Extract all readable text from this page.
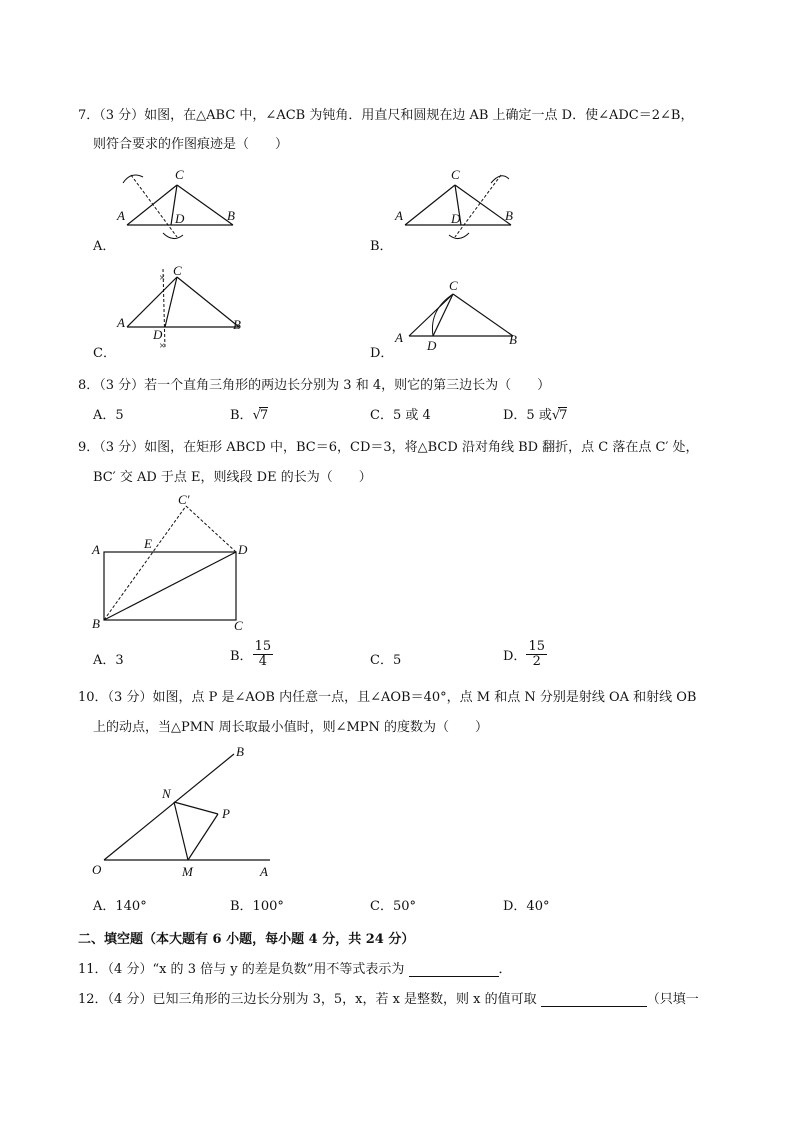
7．（3 分）如图，在△ABC 中，∠ACB 为钝角．用直尺和圆规在边 AB 上确定一点 D．使∠ADC＝2∠B，
则符合要求的作图痕迹是（　　）
A
C
B
D
A．
A
C
B
D
B．
×
×
A
C
B
D
C．
A
C
B
D
D．
8．（3 分）若一个直角三角形的两边长分别为 3 和 4，则它的第三边长为（　　）
A．5	B．√7	C．5 或 4	D．5 或√7
9．（3 分）如图，在矩形 ABCD 中，BC＝6，CD＝3，将△BCD 沿对角线 BD 翻折，点 C 落在点 C′ 处，
BC′ 交 AD 于点 E，则线段 DE 的长为（　　）
A	E	D
B	C
C′
A．3	B． $\frac{15}{4}$	C．5	D． $\frac{15}{2}$
10．（3 分）如图，点 P 是∠AOB 内任意一点，且∠AOB＝40°，点 M 和点 N 分别是射线 OA 和射线 OB
上的动点，当△PMN 周长取最小值时，则∠MPN 的度数为（　　）
O	A
B
N
P
M
A．140°	B．100°	C．50°	D．40°
二、填空题（本大题有 6 小题，每小题 4 分，共 24 分）
11．（4 分）“x 的 3 倍与 y 的差是负数”用不等式表示为	．
12．（4 分）已知三角形的三边长分别为 3，5，x，若 x 是整数，则 x 的值可取	（只填一
